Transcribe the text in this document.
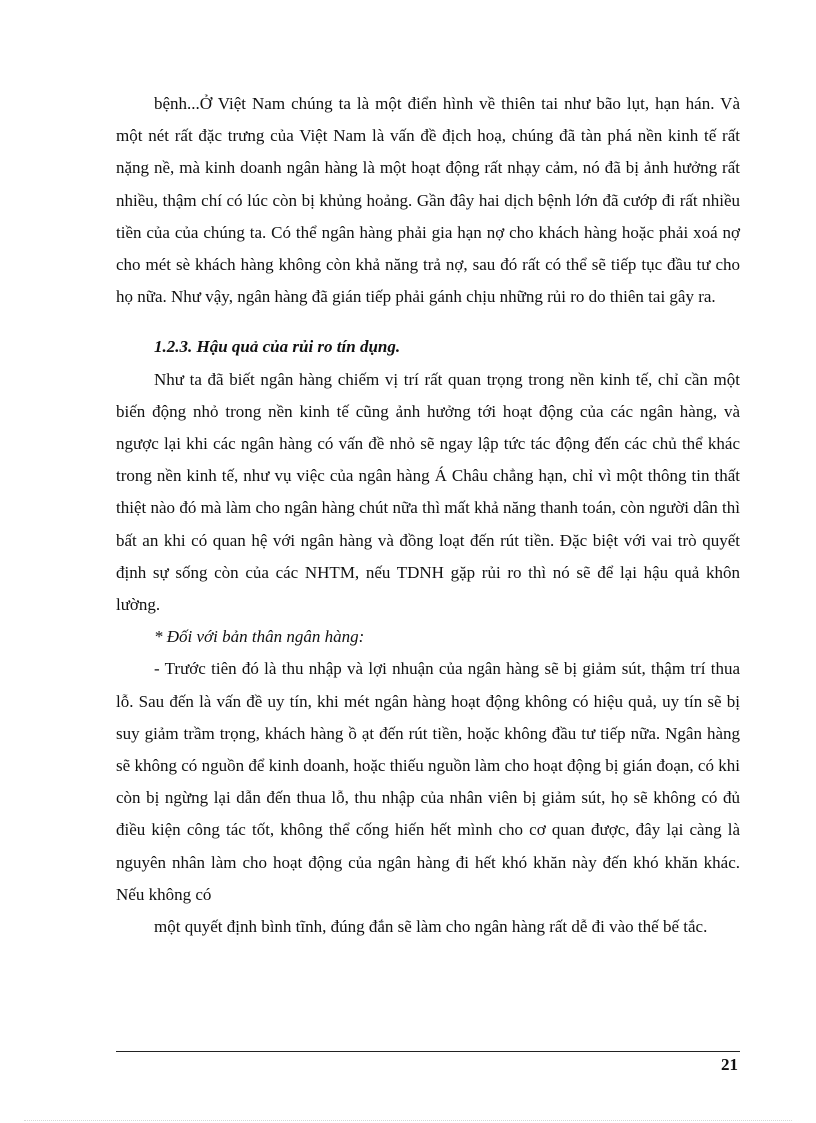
bệnh...Ở Việt Nam chúng ta là một điển hình về thiên tai như bão lụt, hạn hán. Và một nét rất đặc trưng của Việt Nam là vấn đề địch hoạ, chúng đã tàn phá nền kinh tế rất nặng nề, mà kinh doanh ngân hàng là một hoạt động rất nhạy cảm, nó đã bị ảnh hưởng rất nhiều, thậm chí có lúc còn bị khủng hoảng. Gần đây hai dịch bệnh lớn đã cướp đi rất nhiều tiền của của chúng ta. Có thể ngân hàng phải gia hạn nợ cho khách hàng hoặc phải xoá nợ cho mét sè khách hàng không còn khả năng trả nợ, sau đó rất có thể sẽ tiếp tục đầu tư cho họ nữa. Như vậy, ngân hàng đã gián tiếp phải gánh chịu những rủi ro do thiên tai gây ra.

1.2.3. Hậu quả của rủi ro tín dụng.

Như ta đã biết ngân hàng chiếm vị trí rất quan trọng trong nền kinh tế, chỉ cần một biến động nhỏ trong nền kinh tế cũng ảnh hưởng tới hoạt động của các ngân hàng, và ngược lại khi các ngân hàng có vấn đề nhỏ sẽ ngay lập tức tác động đến các chủ thể khác trong nền kinh tế, như vụ việc của ngân hàng Á Châu chẳng hạn, chỉ vì một thông tin thất thiệt nào đó mà làm cho ngân hàng chút nữa thì mất khả năng thanh toán, còn người dân thì bất an khi có quan hệ với ngân hàng và đồng loạt đến rút tiền. Đặc biệt với vai trò quyết định sự sống còn của các NHTM, nếu TDNH gặp rủi ro thì nó sẽ để lại hậu quả khôn lường.

* Đối với bản thân ngân hàng:

- Trước tiên đó là thu nhập và lợi nhuận của ngân hàng sẽ bị giảm sút, thậm trí thua lỗ. Sau đến là vấn đề uy tín, khi mét ngân hàng hoạt động không có hiệu quả, uy tín sẽ bị suy giảm trầm trọng, khách hàng ồ ạt đến rút tiền, hoặc không đầu tư tiếp nữa. Ngân hàng sẽ không có nguồn để kinh doanh, hoặc thiếu nguồn làm cho hoạt động bị gián đoạn, có khi còn bị ngừng lại dẫn đến thua lỗ, thu nhập của nhân viên bị giảm sút, họ sẽ không có đủ điều kiện công tác tốt, không thể cống hiến hết mình cho cơ quan được, đây lại càng là nguyên nhân làm cho hoạt động của ngân hàng đi hết khó khăn này đến khó khăn khác. Nếu không có

một quyết định bình tĩnh, đúng đắn sẽ làm cho ngân hàng rất dễ đi vào thế bế tắc.

21
